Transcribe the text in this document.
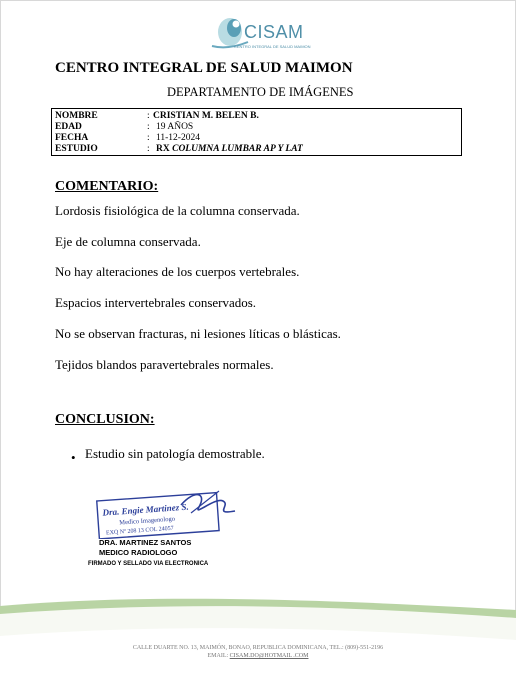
CISAM
CENTRO INTEGRAL DE SALUD MAIMON
CENTRO INTEGRAL DE SALUD MAIMON
DEPARTAMENTO DE IMÁGENES
NOMBRE	: CRISTIAN M. BELEN B.
EDAD	: 19 AÑOS
FECHA	: 11-12-2024
ESTUDIO	: RX COLUMNA LUMBAR AP Y LAT
COMENTARIO:
Lordosis fisiológica de la columna conservada.
Eje de columna conservada.
No hay alteraciones de los cuerpos vertebrales.
Espacios intervertebrales conservados.
No se observan fracturas, ni lesiones líticas o blásticas.
Tejidos blandos paravertebrales normales.
CONCLUSION:
• Estudio sin patología demostrable.
Dra. Engie Martinez S.
Medico Imagenologo
EXQ Nº 208 13 COL 24057
DRA. MARTINEZ SANTOS
MEDICO RADIOLOGO
FIRMADO Y SELLADO VIA ELECTRONICA
CALLE DUARTE NO. 13, MAIMÓN, BONAO, REPUBLICA DOMINICANA, TEL.: (809)-551-2196
EMAIL: CISAM.DO@HOTMAIL .COM
